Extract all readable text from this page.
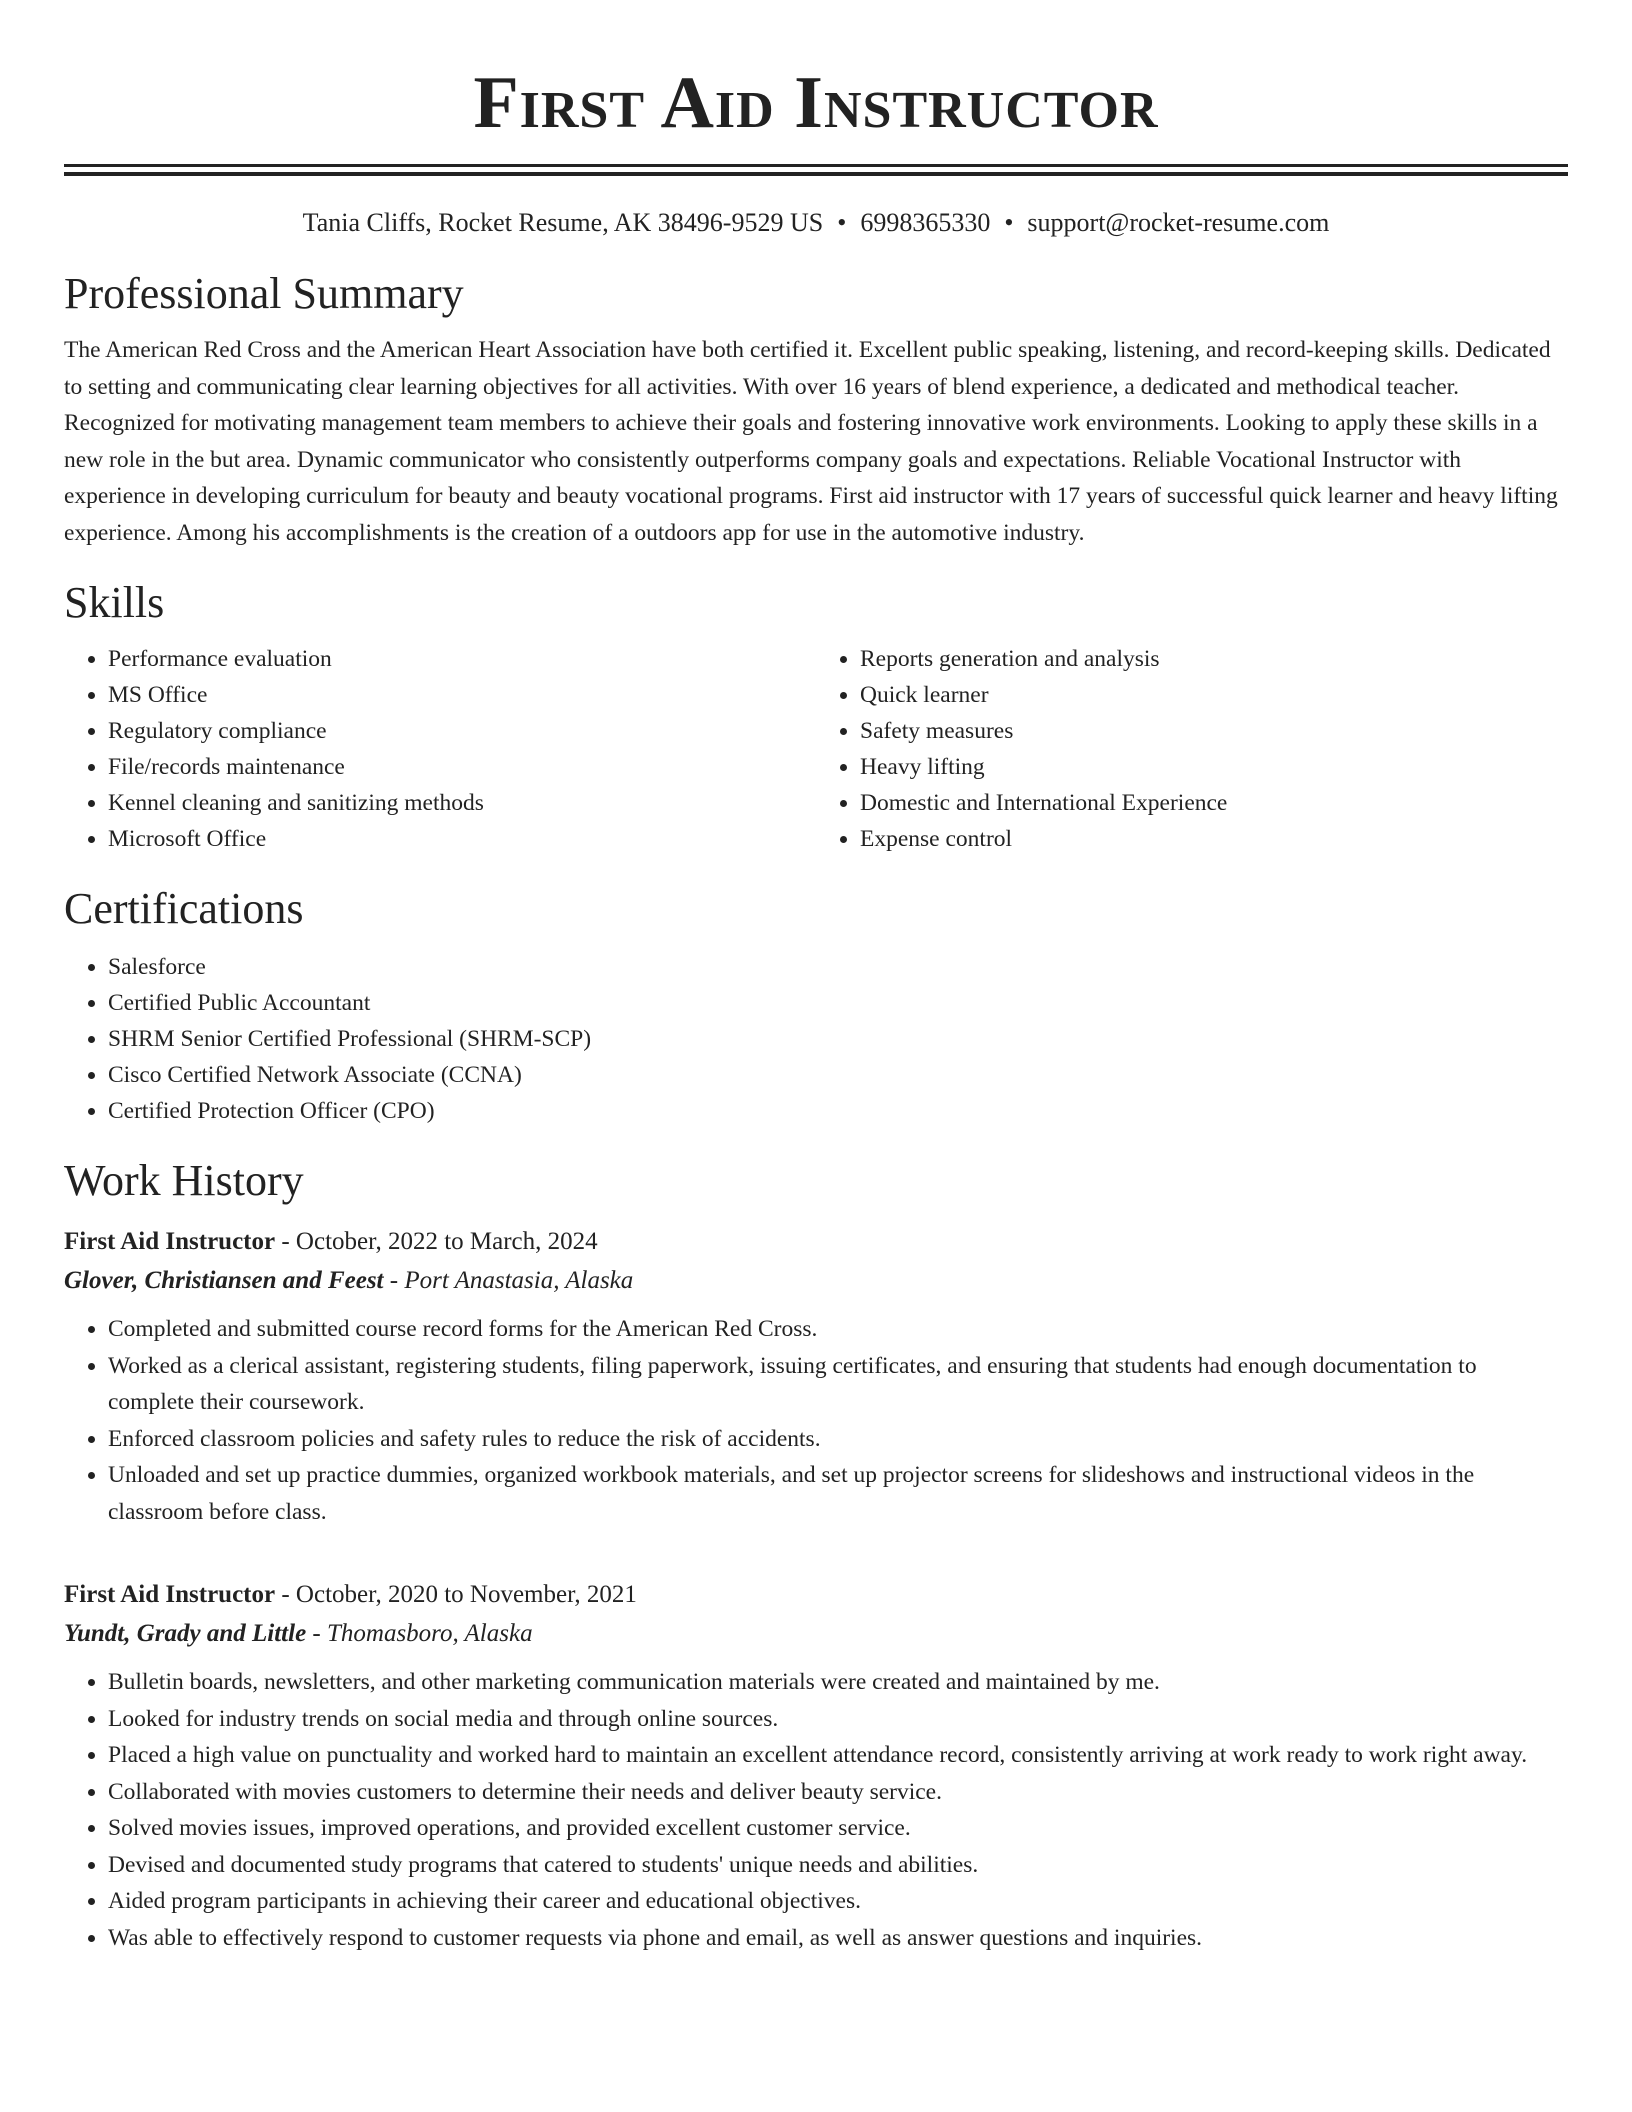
First Aid Instructor
Tania Cliffs, Rocket Resume, AK 38496-9529 US • 6998365330 • support@rocket-resume.com
Professional Summary

The American Red Cross and the American Heart Association have both certified it. Excellent public speaking, listening, and record-keeping skills. Dedicated to setting and communicating clear learning objectives for all activities. With over 16 years of blend experience, a dedicated and methodical teacher. Recognized for motivating management team members to achieve their goals and fostering innovative work environments. Looking to apply these skills in a new role in the but area. Dynamic communicator who consistently outperforms company goals and expectations. Reliable Vocational Instructor with experience in developing curriculum for beauty and beauty vocational programs. First aid instructor with 17 years of successful quick learner and heavy lifting experience. Among his accomplishments is the creation of a outdoors app for use in the automotive industry.

Skills
• Performance evaluation
• MS Office
• Regulatory compliance
• File/records maintenance
• Kennel cleaning and sanitizing methods
• Microsoft Office
• Reports generation and analysis
• Quick learner
• Safety measures
• Heavy lifting
• Domestic and International Experience
• Expense control
Certifications
• Salesforce
• Certified Public Accountant
• SHRM Senior Certified Professional (SHRM-SCP)
• Cisco Certified Network Associate (CCNA)
• Certified Protection Officer (CPO)
Work History
First Aid Instructor - October, 2022 to March, 2024
Glover, Christiansen and Feest - Port Anastasia, Alaska
• Completed and submitted course record forms for the American Red Cross.
• Worked as a clerical assistant, registering students, filing paperwork, issuing certificates, and ensuring that students had enough documentation to complete their coursework.
• Enforced classroom policies and safety rules to reduce the risk of accidents.
• Unloaded and set up practice dummies, organized workbook materials, and set up projector screens for slideshows and instructional videos in the classroom before class.
First Aid Instructor - October, 2020 to November, 2021
Yundt, Grady and Little - Thomasboro, Alaska
• Bulletin boards, newsletters, and other marketing communication materials were created and maintained by me.
• Looked for industry trends on social media and through online sources.
• Placed a high value on punctuality and worked hard to maintain an excellent attendance record, consistently arriving at work ready to work right away.
• Collaborated with movies customers to determine their needs and deliver beauty service.
• Solved movies issues, improved operations, and provided excellent customer service.
• Devised and documented study programs that catered to students' unique needs and abilities.
• Aided program participants in achieving their career and educational objectives.
• Was able to effectively respond to customer requests via phone and email, as well as answer questions and inquiries.
